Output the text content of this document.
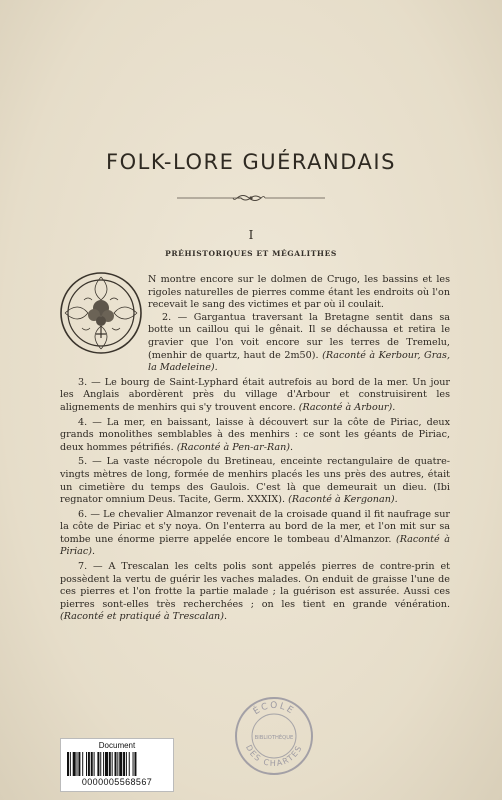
FOLK-LORE GUÉRANDAIS
I
PRÉHISTORIQUES ET MÉGALITHES

N montre encore sur le dolmen de Crugo, les bassins et les rigoles naturelles de pierres comme étant les endroits où l'on recevait le sang des victimes et par où il coulait.

2. — Gargantua traversant la Bretagne sentit dans sa botte un caillou qui le gênait. Il se déchaussa et retira le gravier que l'on voit encore sur les terres de Tremelu, (menhir de quartz, haut de 2m50). (Raconté à Kerbour, Gras, la Madeleine).

3. — Le bourg de Saint-Lyphard était autrefois au bord de la mer. Un jour les Anglais abordèrent près du village d'Arbour et construisirent les alignements de menhirs qui s'y trouvent encore. (Raconté à Arbour).

4. — La mer, en baissant, laisse à découvert sur la côte de Piriac, deux grands monolithes semblables à des menhirs : ce sont les géants de Piriac, deux hommes pétrifiés. (Raconté à Pen-ar-Ran).

5. — La vaste nécropole du Bretineau, enceinte rectangulaire de quatre-vingts mètres de long, formée de menhirs placés les uns près des autres, était un cimetière du temps des Gaulois. C'est là que demeurait un dieu. (Ibi regnator omnium Deus. Tacite, Germ. XXXIX). (Raconté à Kergonan).

6. — Le chevalier Almanzor revenait de la croisade quand il fit naufrage sur la côte de Piriac et s'y noya. On l'enterra au bord de la mer, et l'on mit sur sa tombe une énorme pierre appelée encore le tombeau d'Almanzor. (Raconté à Piriac).

7. — A Trescalan les celts polis sont appelés pierres de contre-prin et possèdent la vertu de guérir les vaches malades. On enduit de graisse l'une de ces pierres et l'on frotte la partie malade ; la guérison est assurée. Aussi ces pierres sont-elles très recherchées ; on les tient en grande vénération. (Raconté et pratiqué à Trescalan).

ÉCOLE
DES CHARTES
BIBLIOTHÈQUE
Document
0000005568567
